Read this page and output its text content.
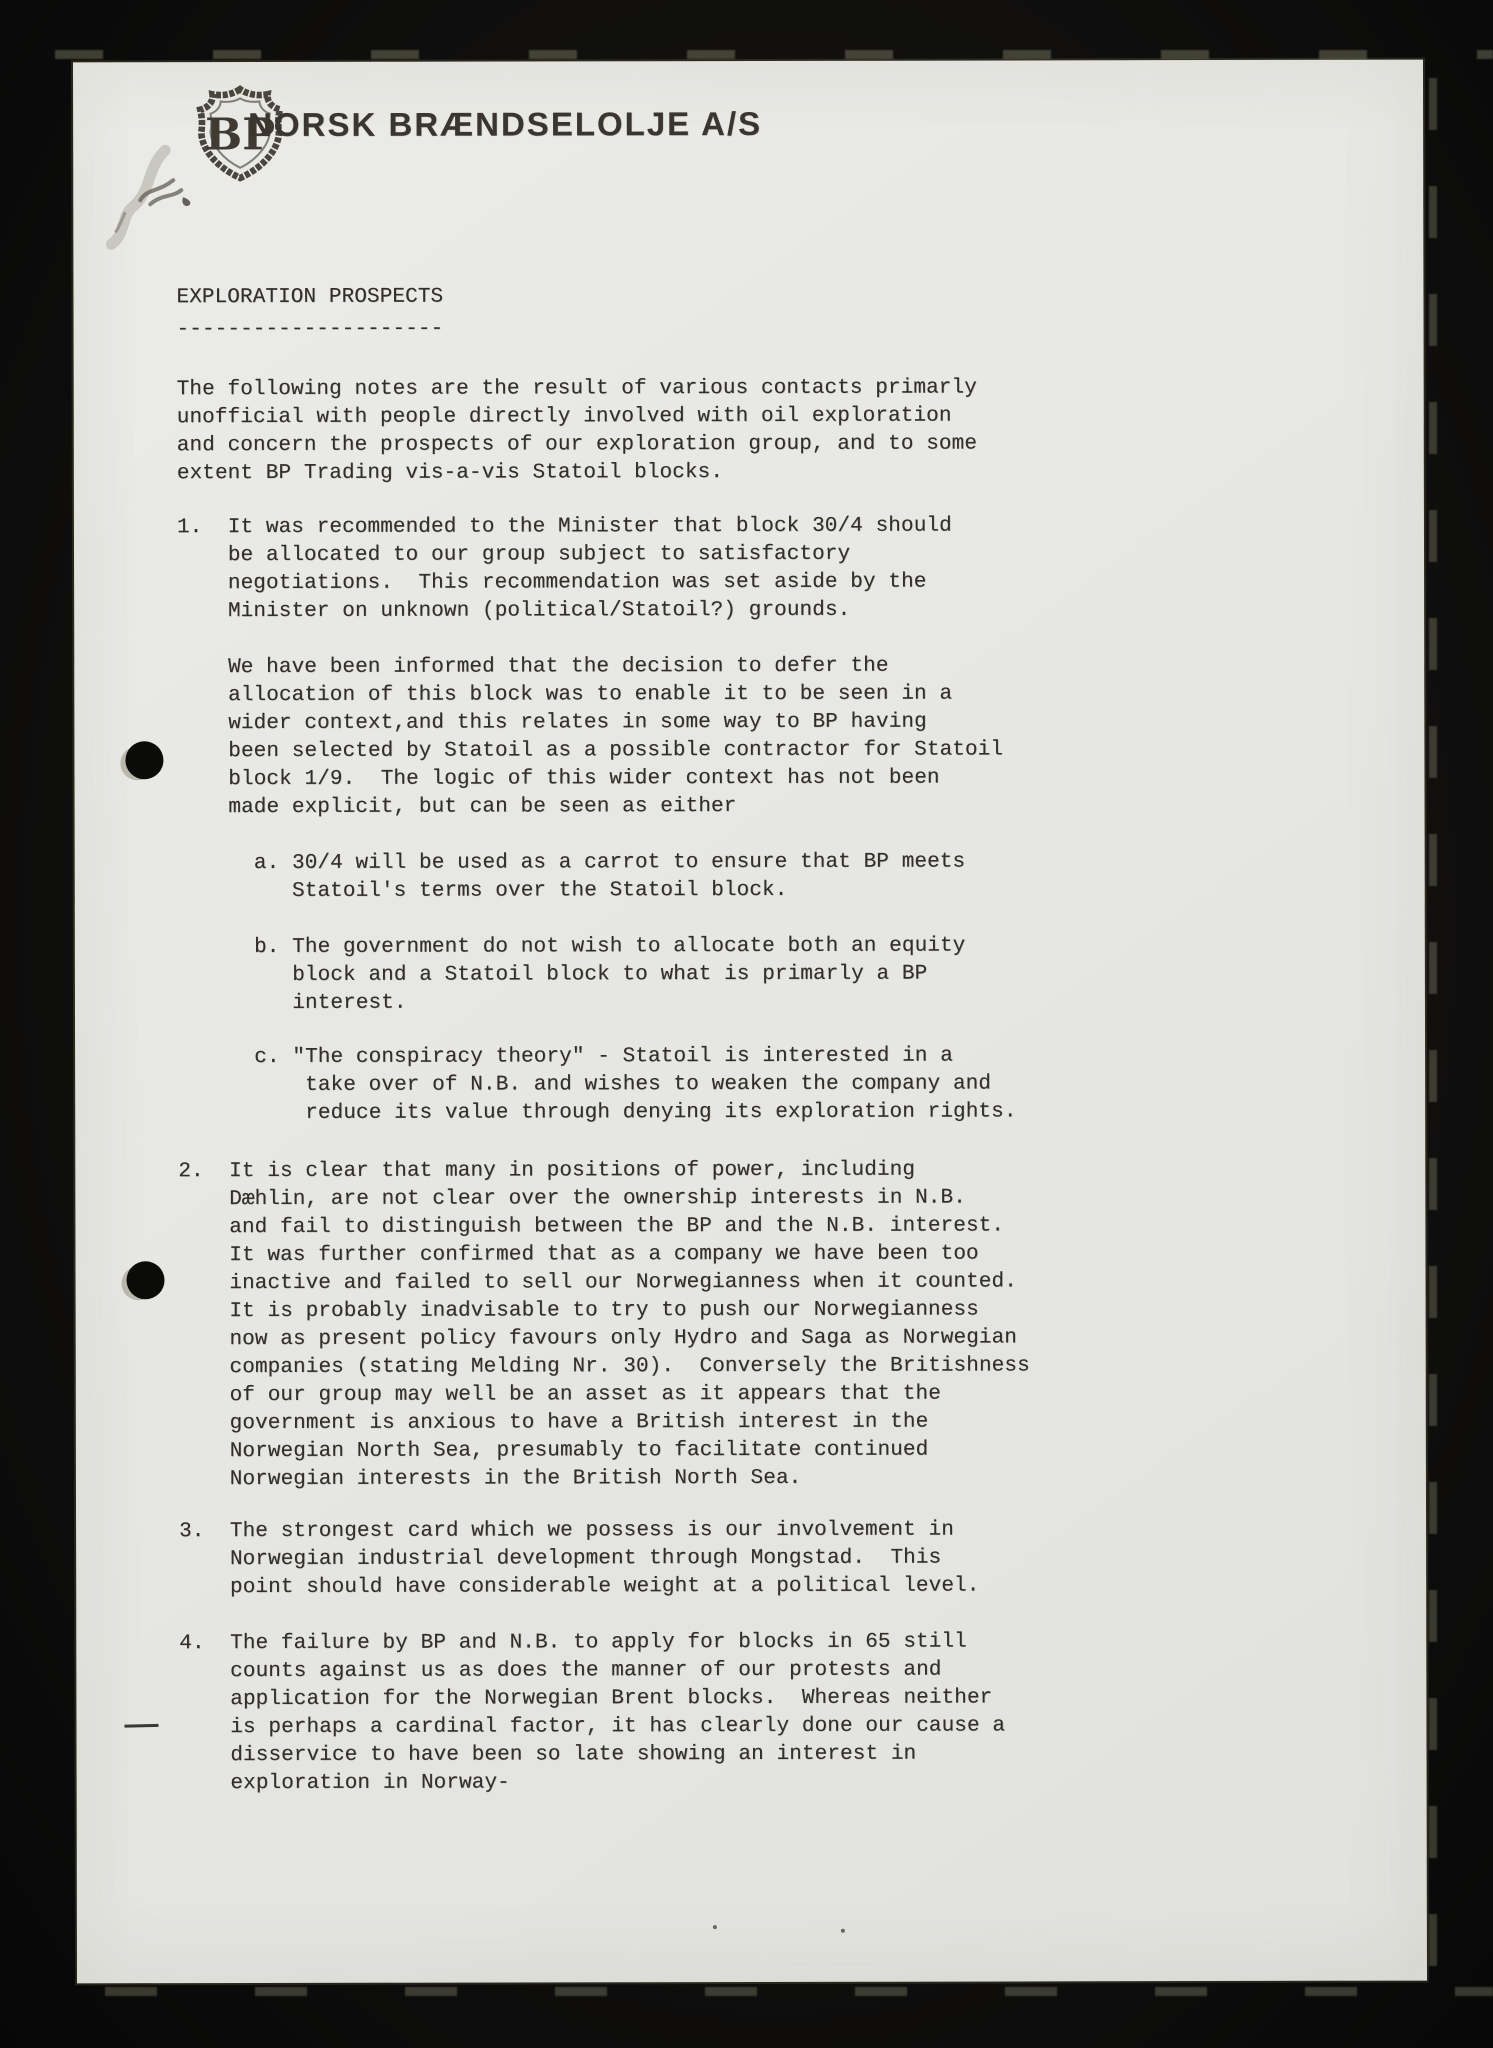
BP
NORSK BRÆNDSELOLJE A/S
EXPLORATION PROSPECTS
---------------------
The following notes are the result of various contacts primarly
unofficial with people directly involved with oil exploration
and concern the prospects of our exploration group, and to some
extent BP Trading vis-a-vis Statoil blocks.
1.  It was recommended to the Minister that block 30/4 should
be allocated to our group subject to satisfactory
negotiations.  This recommendation was set aside by the
Minister on unknown (political/Statoil?) grounds.
We have been informed that the decision to defer the
allocation of this block was to enable it to be seen in a
wider context,and this relates in some way to BP having
been selected by Statoil as a possible contractor for Statoil
block 1/9.  The logic of this wider context has not been
made explicit, but can be seen as either
a. 30/4 will be used as a carrot to ensure that BP meets
Statoil's terms over the Statoil block.
b. The government do not wish to allocate both an equity
block and a Statoil block to what is primarly a BP
interest.
c. "The conspiracy theory" - Statoil is interested in a
take over of N.B. and wishes to weaken the company and
reduce its value through denying its exploration rights.
2.  It is clear that many in positions of power, including
Dæhlin, are not clear over the ownership interests in N.B.
and fail to distinguish between the BP and the N.B. interest.
It was further confirmed that as a company we have been too
inactive and failed to sell our Norwegianness when it counted.
It is probably inadvisable to try to push our Norwegianness
now as present policy favours only Hydro and Saga as Norwegian
companies (stating Melding Nr. 30).  Conversely the Britishness
of our group may well be an asset as it appears that the
government is anxious to have a British interest in the
Norwegian North Sea, presumably to facilitate continued
Norwegian interests in the British North Sea.
3.  The strongest card which we possess is our involvement in
Norwegian industrial development through Mongstad.  This
point should have considerable weight at a political level.
4.  The failure by BP and N.B. to apply for blocks in 65 still
counts against us as does the manner of our protests and
application for the Norwegian Brent blocks.  Whereas neither
is perhaps a cardinal factor, it has clearly done our cause a
disservice to have been so late showing an interest in
exploration in Norway-
